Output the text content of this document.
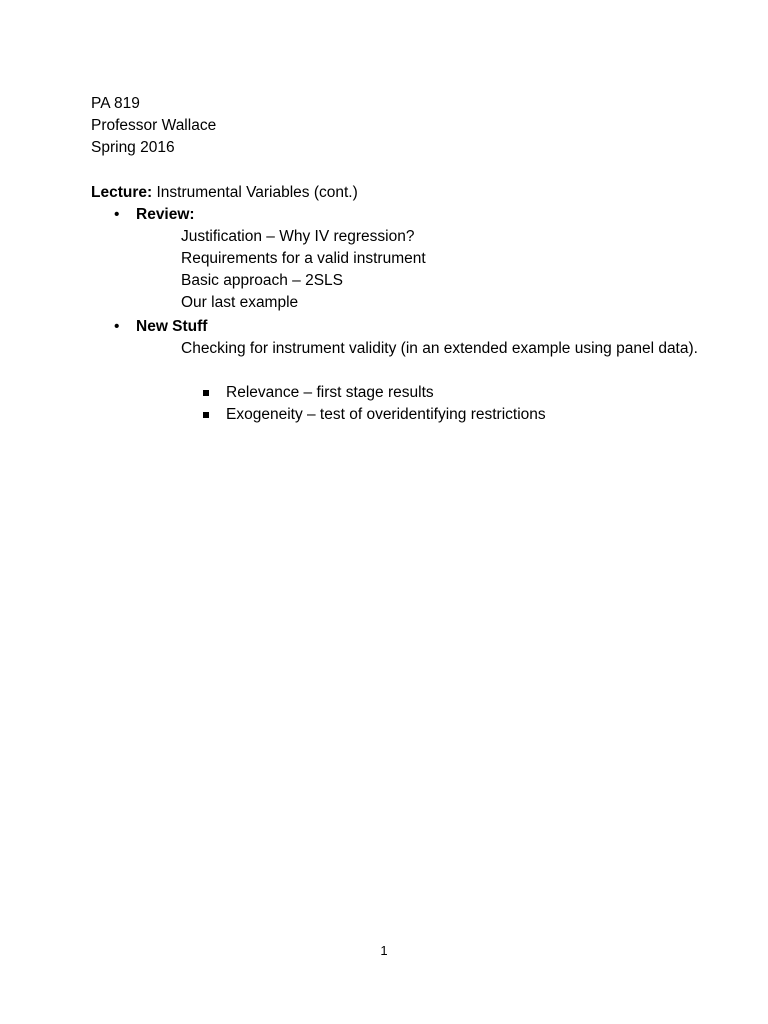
PA 819
Professor Wallace
Spring 2016
Lecture: Instrumental Variables (cont.)
•	Review:
Justification – Why IV regression?
Requirements for a valid instrument
Basic approach – 2SLS
Our last example
•	New Stuff
Checking for instrument validity (in an extended example using panel data).
Relevance – first stage results
Exogeneity – test of overidentifying restrictions
1
